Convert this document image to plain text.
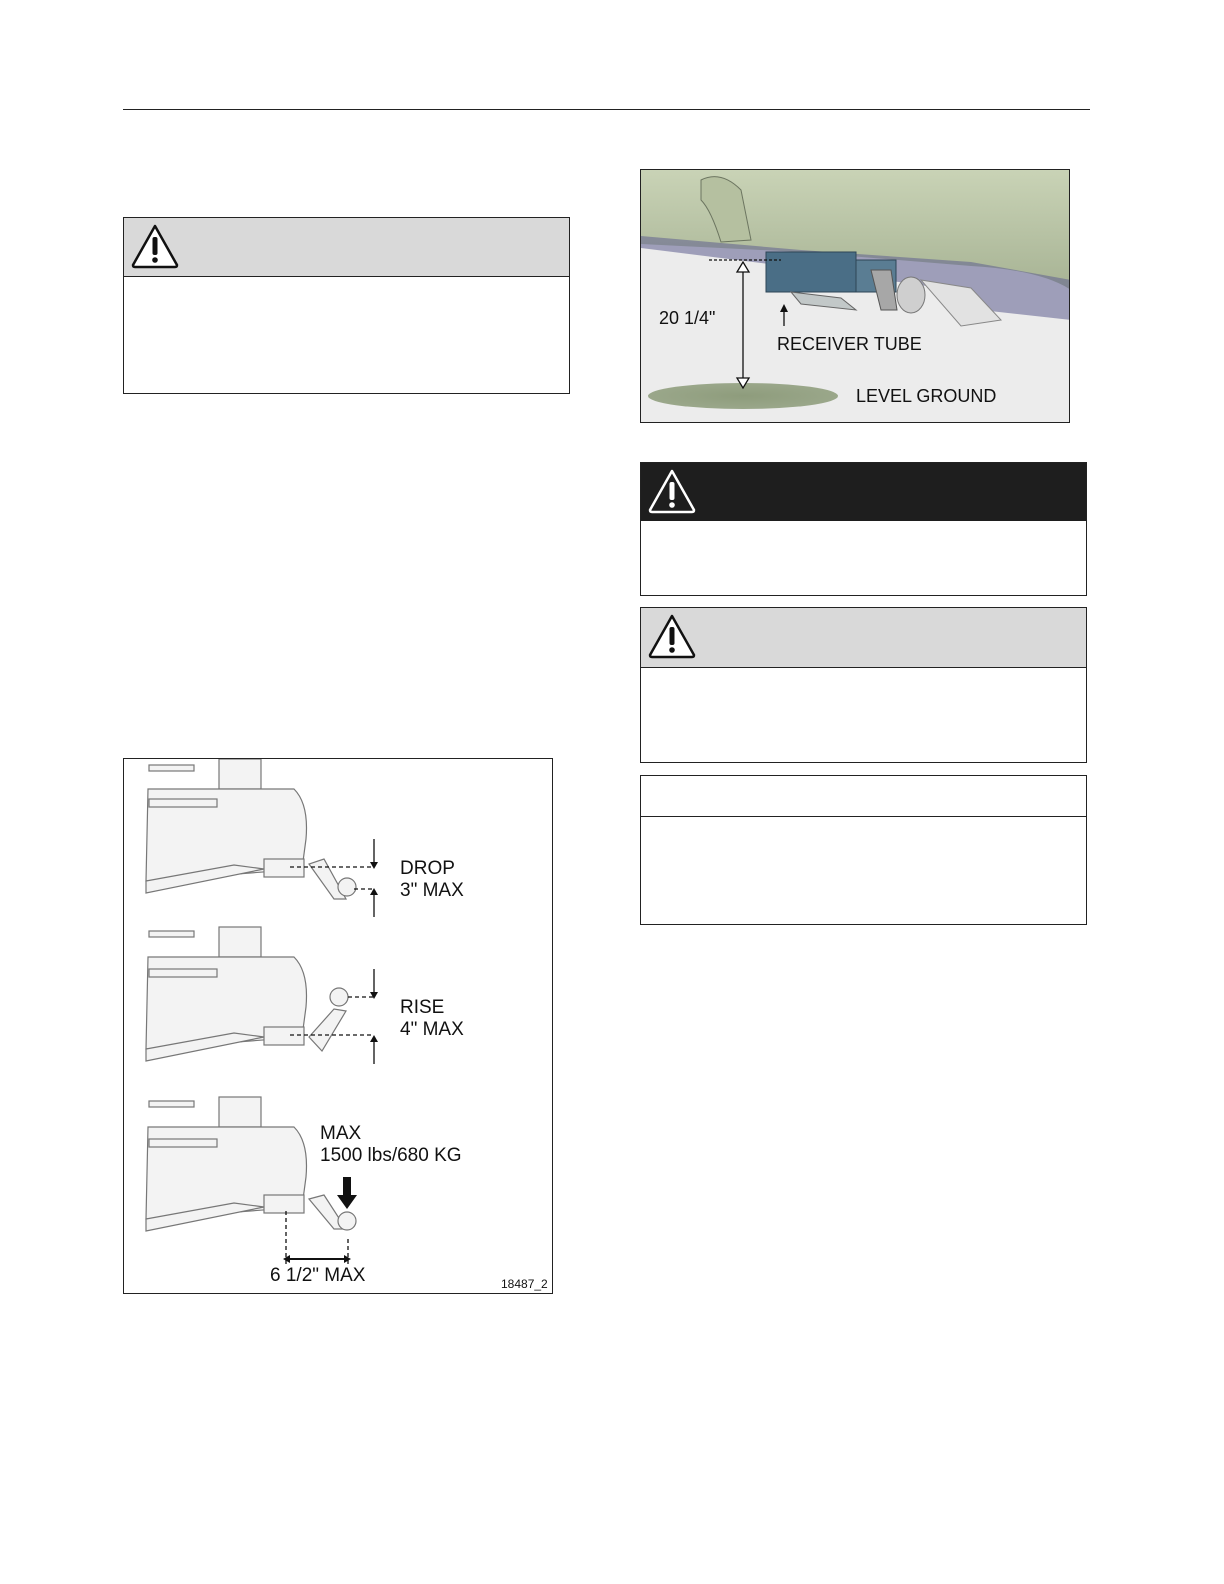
DROP
3" MAX
RISE
4" MAX
MAX
1500 lbs/680 KG
6 1/2" MAX	18487_2
20 1/4"
RECEIVER TUBE
LEVEL GROUND
